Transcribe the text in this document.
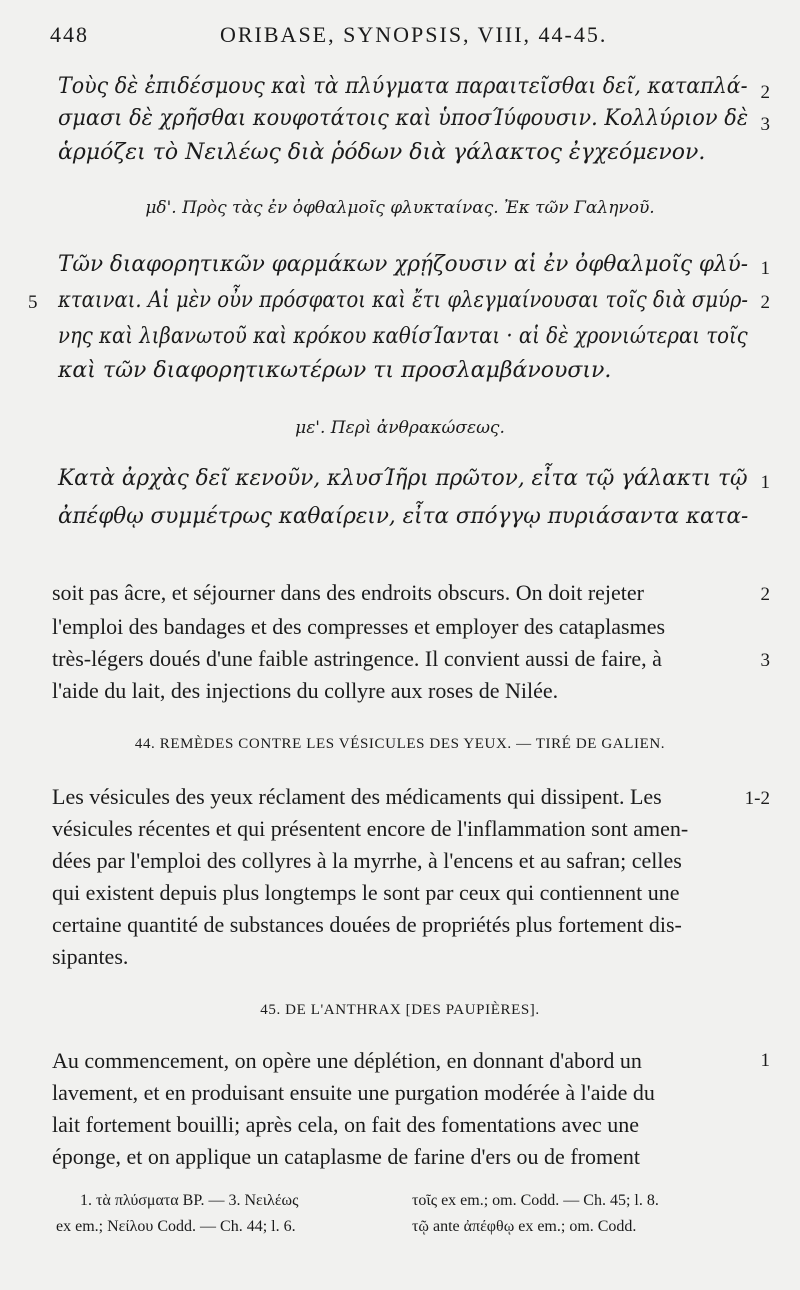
448	ORIBASE, SYNOPSIS, VIII, 44-45.
Τοὺς δὲ ἐπιδέσμους καὶ τὰ πλύγματα παραιτεῖσθαι δεῖ, καταπλά- 2
σμασι δὲ χρῆσθαι κουφοτάτοις καὶ ὑποσΊύφουσιν. Κολλύριον δὲ 3
ἁρμόζει τὸ Νειλέως διὰ ῥόδων διὰ γάλακτος ἐγχεόμενον.
μδ'. Πρὸς τὰς ἐν ὀφθαλμοῖς φλυκταίνας. Ἐκ τῶν Γαληνοῦ.
Τῶν διαφορητικῶν φαρμάκων χρῄζουσιν αἱ ἐν ὀφθαλμοῖς φλύ- 1
5 κταιναι. Αἱ μὲν οὖν πρόσφατοι καὶ ἔτι φλεγμαίνουσαι τοῖς διὰ σμύρ- 2
νης καὶ λιβανωτοῦ καὶ κρόκου καθίσΊανται · αἱ δὲ χρονιώτεραι τοῖς
καὶ τῶν διαφορητικωτέρων τι προσλαμβάνουσιν.
με'. Περὶ ἀνθρακώσεως.
Κατὰ ἀρχὰς δεῖ κενοῦν, κλυσΊῆρι πρῶτον, εἶτα τῷ γάλακτι τῷ 1
ἀπέφθῳ συμμέτρως καθαίρειν, εἶτα σπόγγῳ πυριάσαντα κατα-
soit pas âcre, et séjourner dans des endroits obscurs. On doit rejeter	2
l'emploi des bandages et des compresses et employer des cataplasmes
très-légers doués d'une faible astringence. Il convient aussi de faire, à	3
l'aide du lait, des injections du collyre aux roses de Nilée.
44. REMÈDES CONTRE LES VÉSICULES DES YEUX. — TIRÉ DE GALIEN.
Les vésicules des yeux réclament des médicaments qui dissipent. Les	1-2
vésicules récentes et qui présentent encore de l'inflammation sont amen-
dées par l'emploi des collyres à la myrrhe, à l'encens et au safran; celles
qui existent depuis plus longtemps le sont par ceux qui contiennent une
certaine quantité de substances douées de propriétés plus fortement dis-
sipantes.
45. DE L'ANTHRAX [DES PAUPIÈRES].
Au commencement, on opère une déplétion, en donnant d'abord un	1
lavement, et en produisant ensuite une purgation modérée à l'aide du
lait fortement bouilli; après cela, on fait des fomentations avec une
éponge, et on applique un cataplasme de farine d'ers ou de froment
1. τὰ πλύσματα BP. — 3. Νειλέως
ex em.; Νείλου Codd. — Ch. 44; l. 6.
τοῖς ex em.; om. Codd. — Ch. 45; l. 8.
τῷ ante ἀπέφθῳ ex em.; om. Codd.
